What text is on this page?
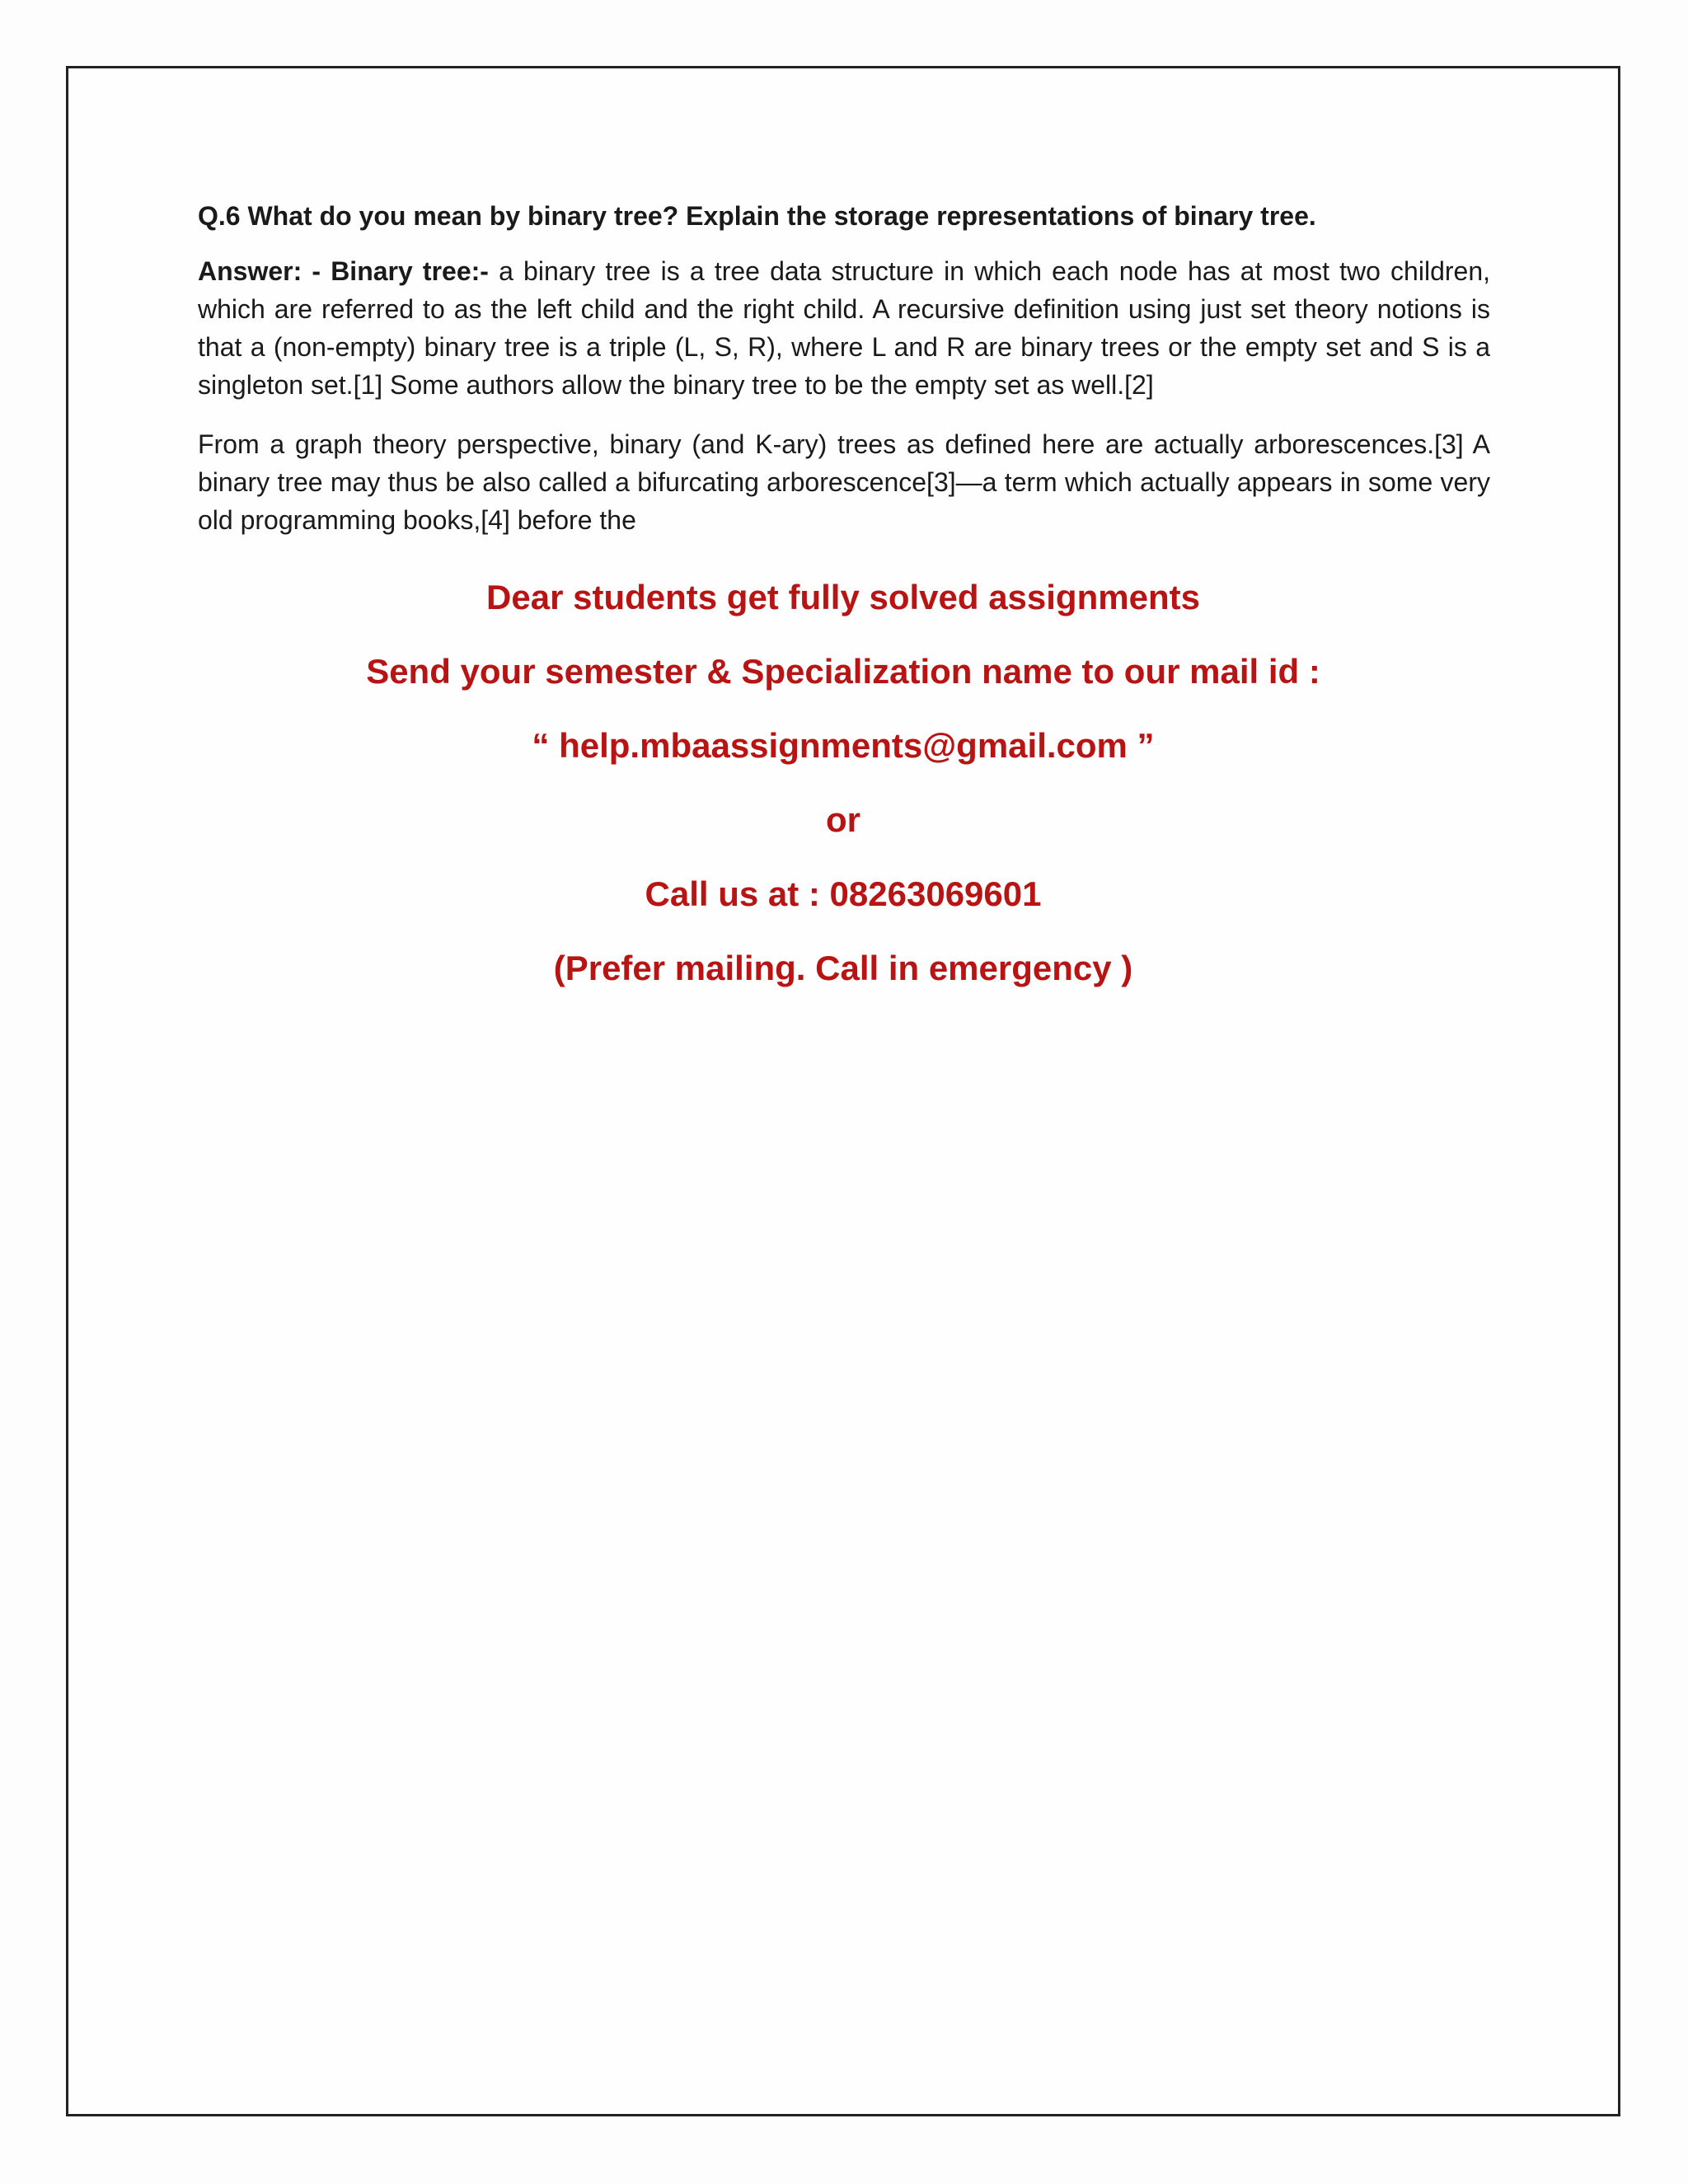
Q.6 What do you mean by binary tree? Explain the storage representations of binary tree.

Answer: - Binary tree:- a binary tree is a tree data structure in which each node has at most two children, which are referred to as the left child and the right child. A recursive definition using just set theory notions is that a (non-empty) binary tree is a triple (L, S, R), where L and R are binary trees or the empty set and S is a singleton set.[1] Some authors allow the binary tree to be the empty set as well.[2]

From a graph theory perspective, binary (and K-ary) trees as defined here are actually arborescences.[3] A binary tree may thus be also called a bifurcating arborescence[3]—a term which actually appears in some very old programming books,[4] before the

Dear students get fully solved assignments
Send your semester & Specialization name to our mail id :
“ help.mbaassignments@gmail.com ”
or
Call us at : 08263069601
(Prefer mailing. Call in emergency )
